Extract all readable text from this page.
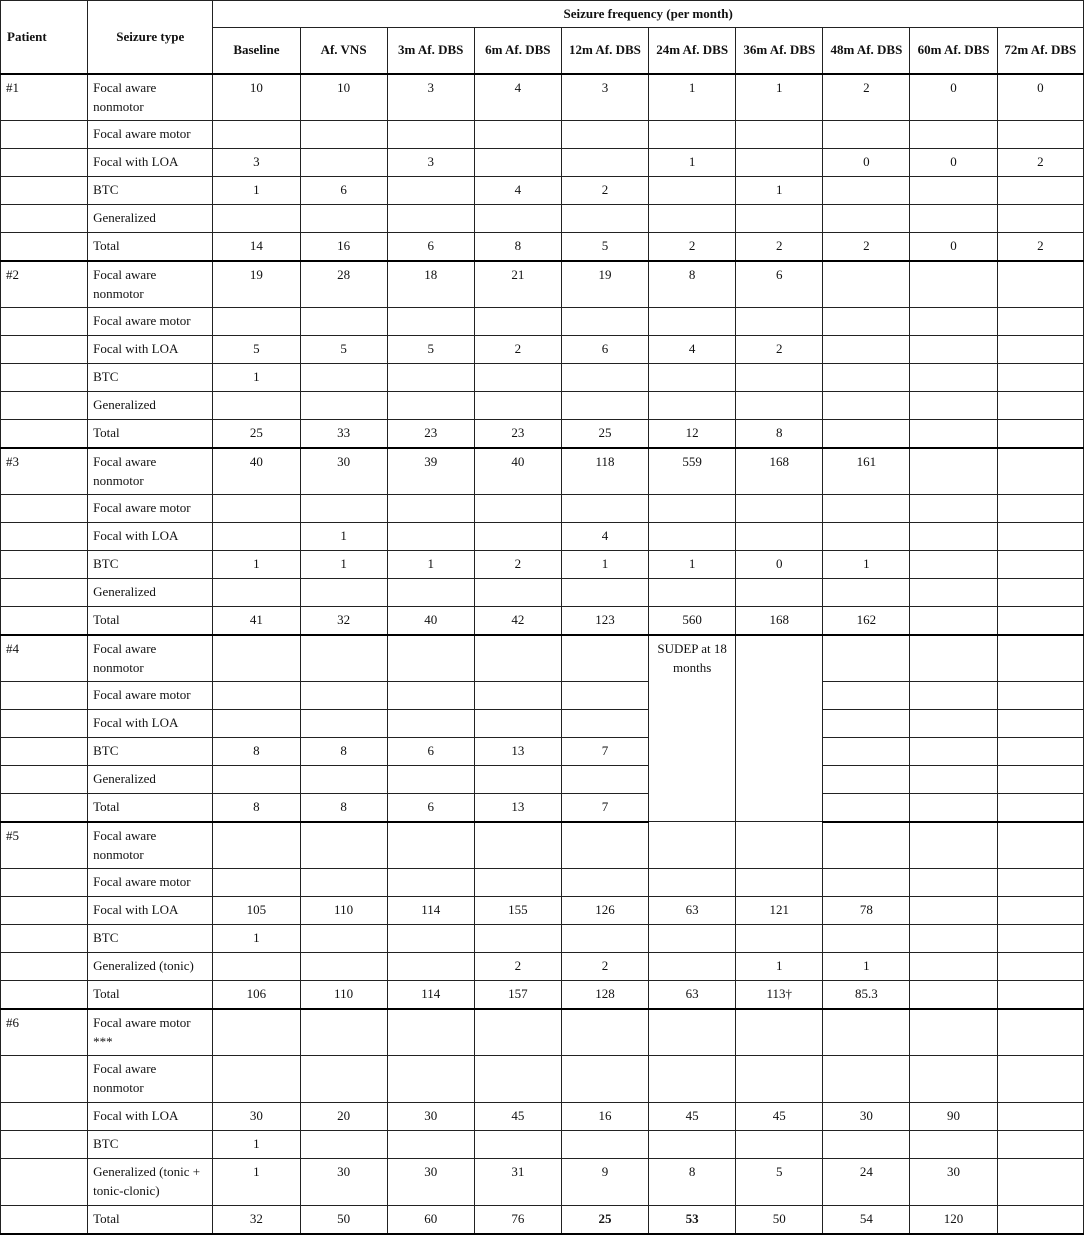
Patient	Seizure type	Seizure frequency (per month)									
		Baseline	Af. VNS	3m Af. DBS	6m Af. DBS	12m Af. DBS	24m Af. DBS	36m Af. DBS	48m Af. DBS	60m Af. DBS	72m Af. DBS
#1	Focal aware nonmotor	10	10	3	4	3	1	1	2	0	0
	Focal aware motor										
	Focal with LOA	3		3			1		0	0	2
	BTC	1	6		4	2		1			
	Generalized										
	Total	14	16	6	8	5	2	2	2	0	2
#2	Focal aware nonmotor	19	28	18	21	19	8	6			
	Focal aware motor										
	Focal with LOA	5	5	5	2	6	4	2			
	BTC	1									
	Generalized										
	Total	25	33	23	23	25	12	8			
#3	Focal aware nonmotor	40	30	39	40	118	559	168	161		
	Focal aware motor										
	Focal with LOA		1			4					
	BTC	1	1	1	2	1	1	0	1		
	Generalized										
	Total	41	32	40	42	123	560	168	162		
#4	Focal aware nonmotor						SUDEP at 18 months				
	Focal aware motor										
	Focal with LOA										
	BTC	8	8	6	13	7					
	Generalized										
	Total	8	8	6	13	7					
#5	Focal aware nonmotor										
	Focal aware motor										
	Focal with LOA	105	110	114	155	126	63	121	78		
	BTC	1									
	Generalized (tonic)				2	2		1	1		
	Total	106	110	114	157	128	63	113†	85.3		
#6	Focal aware motor ***										
	Focal aware nonmotor										
	Focal with LOA	30	20	30	45	16	45	45	30	90	
	BTC	1									
	Generalized (tonic + tonic-clonic)	1	30	30	31	9	8	5	24	30	
	Total	32	50	60	76	25	53	50	54	120	
